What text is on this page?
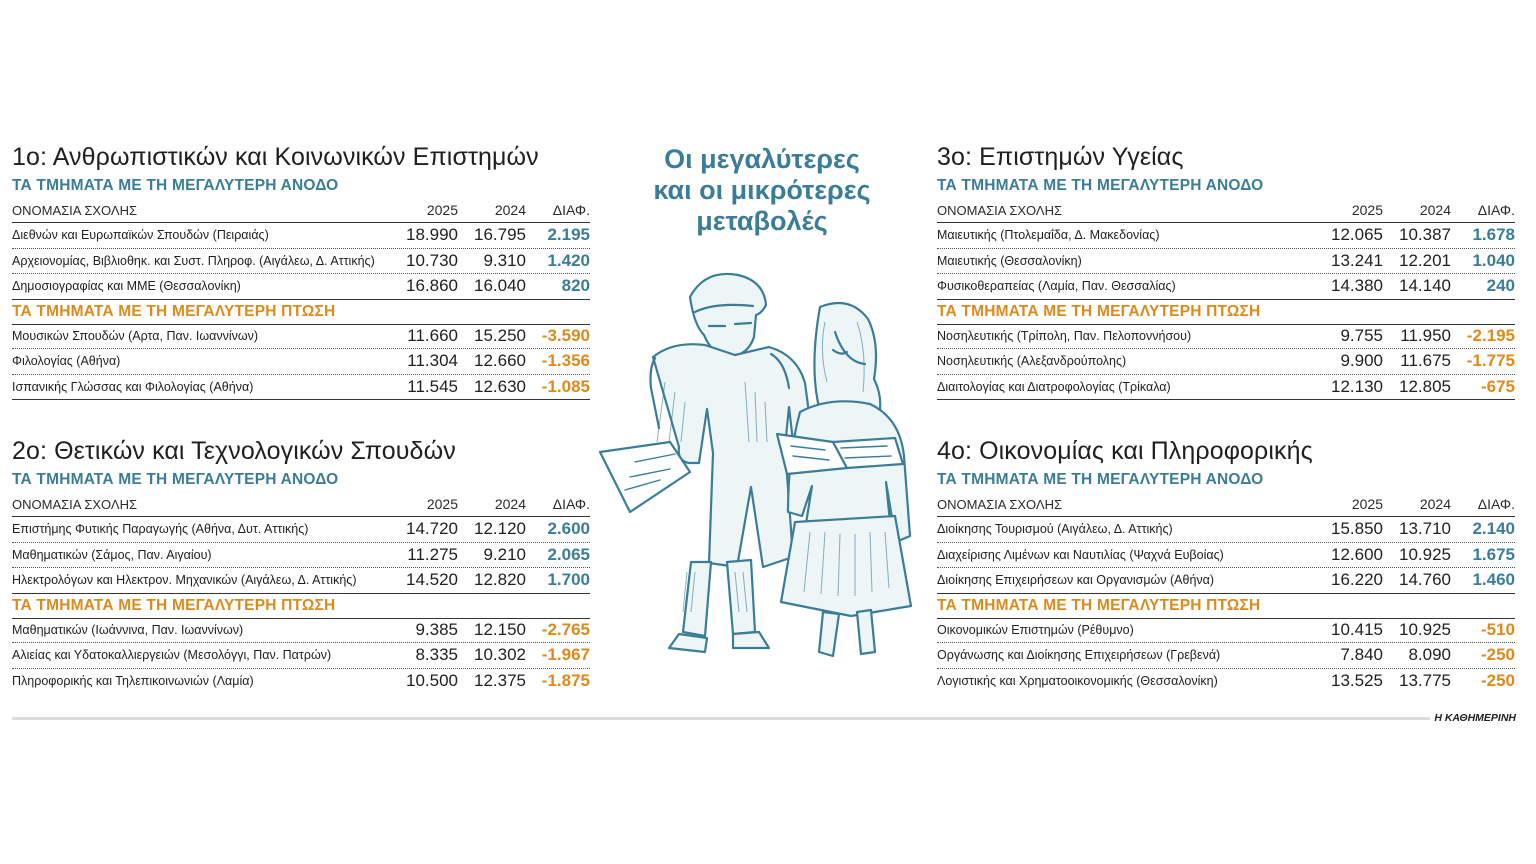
1ο: Ανθρωπιστικών και Κοινωνικών Επιστημών
ΤΑ ΤΜΗΜΑΤΑ ΜΕ ΤΗ ΜΕΓΑΛΥΤΕΡΗ ΑΝΟΔΟ
ΟΝΟΜΑΣΙΑ ΣΧΟΛΗΣ	2025	2024	ΔΙΑΦ.
Διεθνών και Ευρωπαϊκών Σπουδών (Πειραιάς)	18.990 16.795	2.195
Αρχειονομίας, Βιβλιοθηκ. και Συστ. Πληροφ. (Αιγάλεω, Δ. Αττικής)	10.730	9.310	1.420
Δημοσιογραφίας και ΜΜΕ (Θεσσαλονίκη)	16.860 16.040	820
ΤΑ ΤΜΗΜΑΤΑ ΜΕ ΤΗ ΜΕΓΑΛΥΤΕΡΗ ΠΤΩΣΗ
Μουσικών Σπουδών (Αρτα, Παν. Ιωαννίνων)	11.660 15.250 -3.590
Φιλολογίας (Αθήνα)	11.304 12.660 -1.356
Ισπανικής Γλώσσας και Φιλολογίας (Αθήνα)	11.545 12.630 -1.085
2ο: Θετικών και Τεχνολογικών Σπουδών
ΤΑ ΤΜΗΜΑΤΑ ΜΕ ΤΗ ΜΕΓΑΛΥΤΕΡΗ ΑΝΟΔΟ
ΟΝΟΜΑΣΙΑ ΣΧΟΛΗΣ	2025	2024	ΔΙΑΦ.
Επιστήμης Φυτικής Παραγωγής (Αθήνα, Δυτ. Αττικής)	14.720 12.120	2.600
Μαθηματικών (Σάμος, Παν. Αιγαίου)	11.275	9.210	2.065
Ηλεκτρολόγων και Ηλεκτρον. Μηχανικών (Αιγάλεω, Δ. Αττικής)	14.520 12.820	1.700
ΤΑ ΤΜΗΜΑΤΑ ΜΕ ΤΗ ΜΕΓΑΛΥΤΕΡΗ ΠΤΩΣΗ
Μαθηματικών (Ιωάννινα, Παν. Ιωαννίνων)	9.385 12.150 -2.765
Αλιείας και Υδατοκαλλιεργειών (Μεσολόγγι, Παν. Πατρών)	8.335 10.302 -1.967
Πληροφορικής και Τηλεπικοινωνιών (Λαμία)	10.500 12.375 -1.875
3ο: Επιστημών Υγείας
ΤΑ ΤΜΗΜΑΤΑ ΜΕ ΤΗ ΜΕΓΑΛΥΤΕΡΗ ΑΝΟΔΟ
ΟΝΟΜΑΣΙΑ ΣΧΟΛΗΣ	2025	2024	ΔΙΑΦ.
Μαιευτικής (Πτολεμαΐδα, Δ. Μακεδονίας)	12.065 10.387	1.678
Μαιευτικής (Θεσσαλονίκη)	13.241 12.201	1.040
Φυσικοθεραπείας (Λαμία, Παν. Θεσσαλίας)	14.380 14.140	240
ΤΑ ΤΜΗΜΑΤΑ ΜΕ ΤΗ ΜΕΓΑΛΥΤΕΡΗ ΠΤΩΣΗ
Νοσηλευτικής (Τρίπολη, Παν. Πελοποννήσου)	9.755	11.950 -2.195
Νοσηλευτικής (Αλεξανδρούπολης)	9.900	11.675 -1.775
Διαιτολογίας και Διατροφολογίας (Τρίκαλα)	12.130 12.805	-675
4ο: Οικονομίας και Πληροφορικής
ΤΑ ΤΜΗΜΑΤΑ ΜΕ ΤΗ ΜΕΓΑΛΥΤΕΡΗ ΑΝΟΔΟ
ΟΝΟΜΑΣΙΑ ΣΧΟΛΗΣ	2025	2024	ΔΙΑΦ.
Διοίκησης Τουρισμού (Αιγάλεω, Δ. Αττικής)	15.850 13.710	2.140
Διαχείρισης Λιμένων και Ναυτιλίας (Ψαχνά Ευβοίας)	12.600 10.925	1.675
Διοίκησης Επιχειρήσεων και Οργανισμών (Αθήνα)	16.220 14.760	1.460
ΤΑ ΤΜΗΜΑΤΑ ΜΕ ΤΗ ΜΕΓΑΛΥΤΕΡΗ ΠΤΩΣΗ
Οικονομικών Επιστημών (Ρέθυμνο)	10.415 10.925	-510
Οργάνωσης και Διοίκησης Επιχειρήσεων (Γρεβενά)	7.840	8.090	-250
Λογιστικής και Χρηματοοικονομικής (Θεσσαλονίκη)	13.525 13.775	-250
Οι μεγαλύτερες
και οι μικρότερες
μεταβολές
Η ΚΑΘΗΜΕΡΙΝΗ
